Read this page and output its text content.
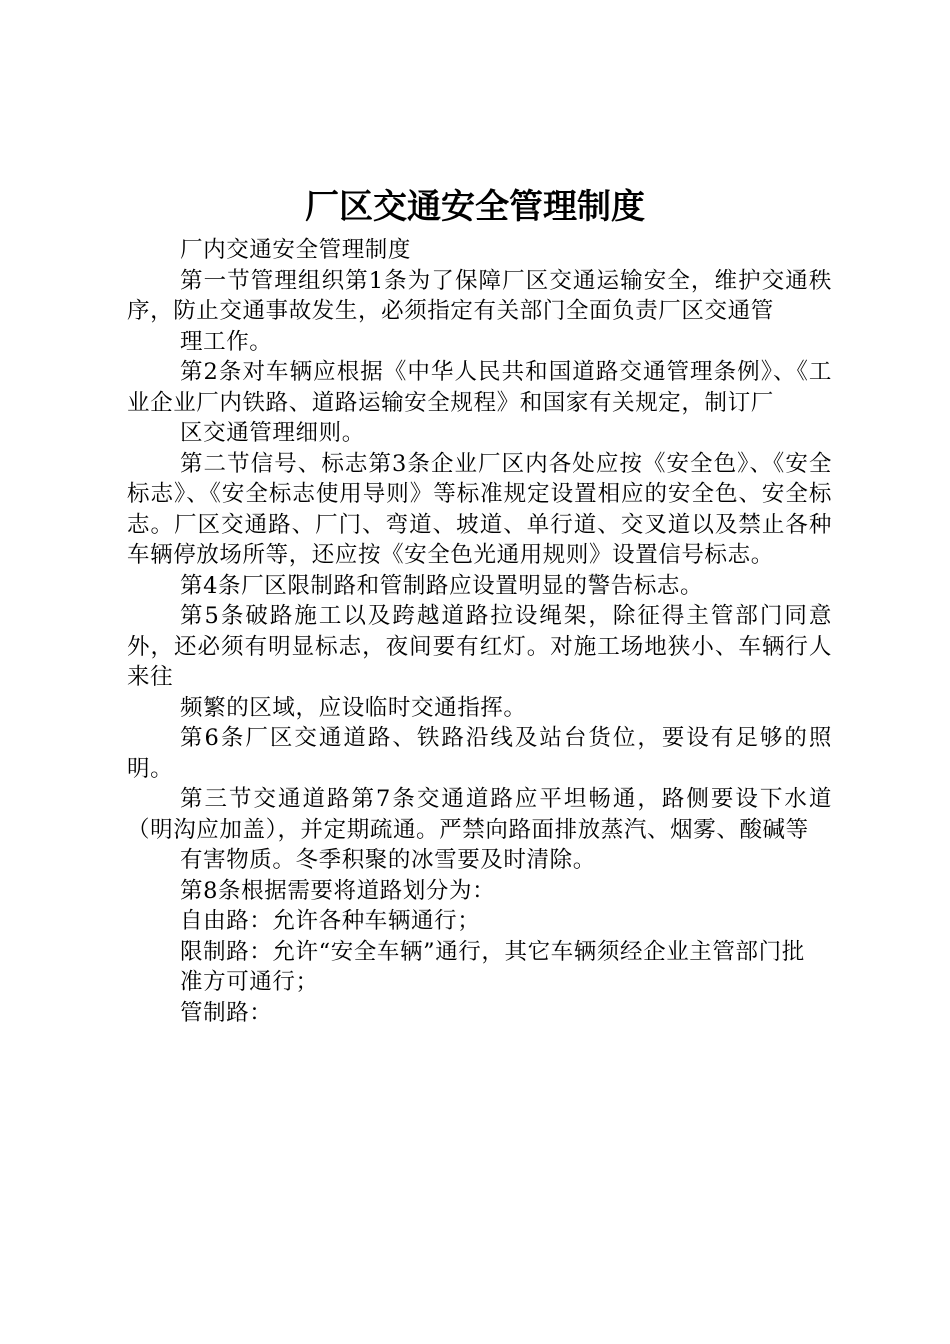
厂区交通安全管理制度

厂内交通安全管理制度

第一节管理组织第1条为了保障厂区交通运输安全，维护交通秩序，防止交通事故发生，必须指定有关部门全面负责厂区交通管

理工作。

第2条对车辆应根据《中华人民共和国道路交通管理条例》、《工业企业厂内铁路、道路运输安全规程》和国家有关规定，制订厂

区交通管理细则。

第二节信号、标志第3条企业厂区内各处应按《安全色》、《安全标志》、《安全标志使用导则》等标准规定设置相应的安全色、安全标志。厂区交通路、厂门、弯道、坡道、单行道、交叉道以及禁止各种车辆停放场所等，还应按《安全色光通用规则》设置信号标志。

第4条厂区限制路和管制路应设置明显的警告标志。

第5条破路施工以及跨越道路拉设绳架，除征得主管部门同意外，还必须有明显标志，夜间要有红灯。对施工场地狭小、车辆行人来往

频繁的区域，应设临时交通指挥。

第6条厂区交通道路、铁路沿线及站台货位，要设有足够的照明。

第三节交通道路第7条交通道路应平坦畅通，路侧要设下水道（明沟应加盖），并定期疏通。严禁向路面排放蒸汽、烟雾、酸碱等

有害物质。冬季积聚的冰雪要及时清除。

第8条根据需要将道路划分为：

自由路：允许各种车辆通行；

限制路：允许“安全车辆”通行，其它车辆须经企业主管部门批

准方可通行；

管制路：
